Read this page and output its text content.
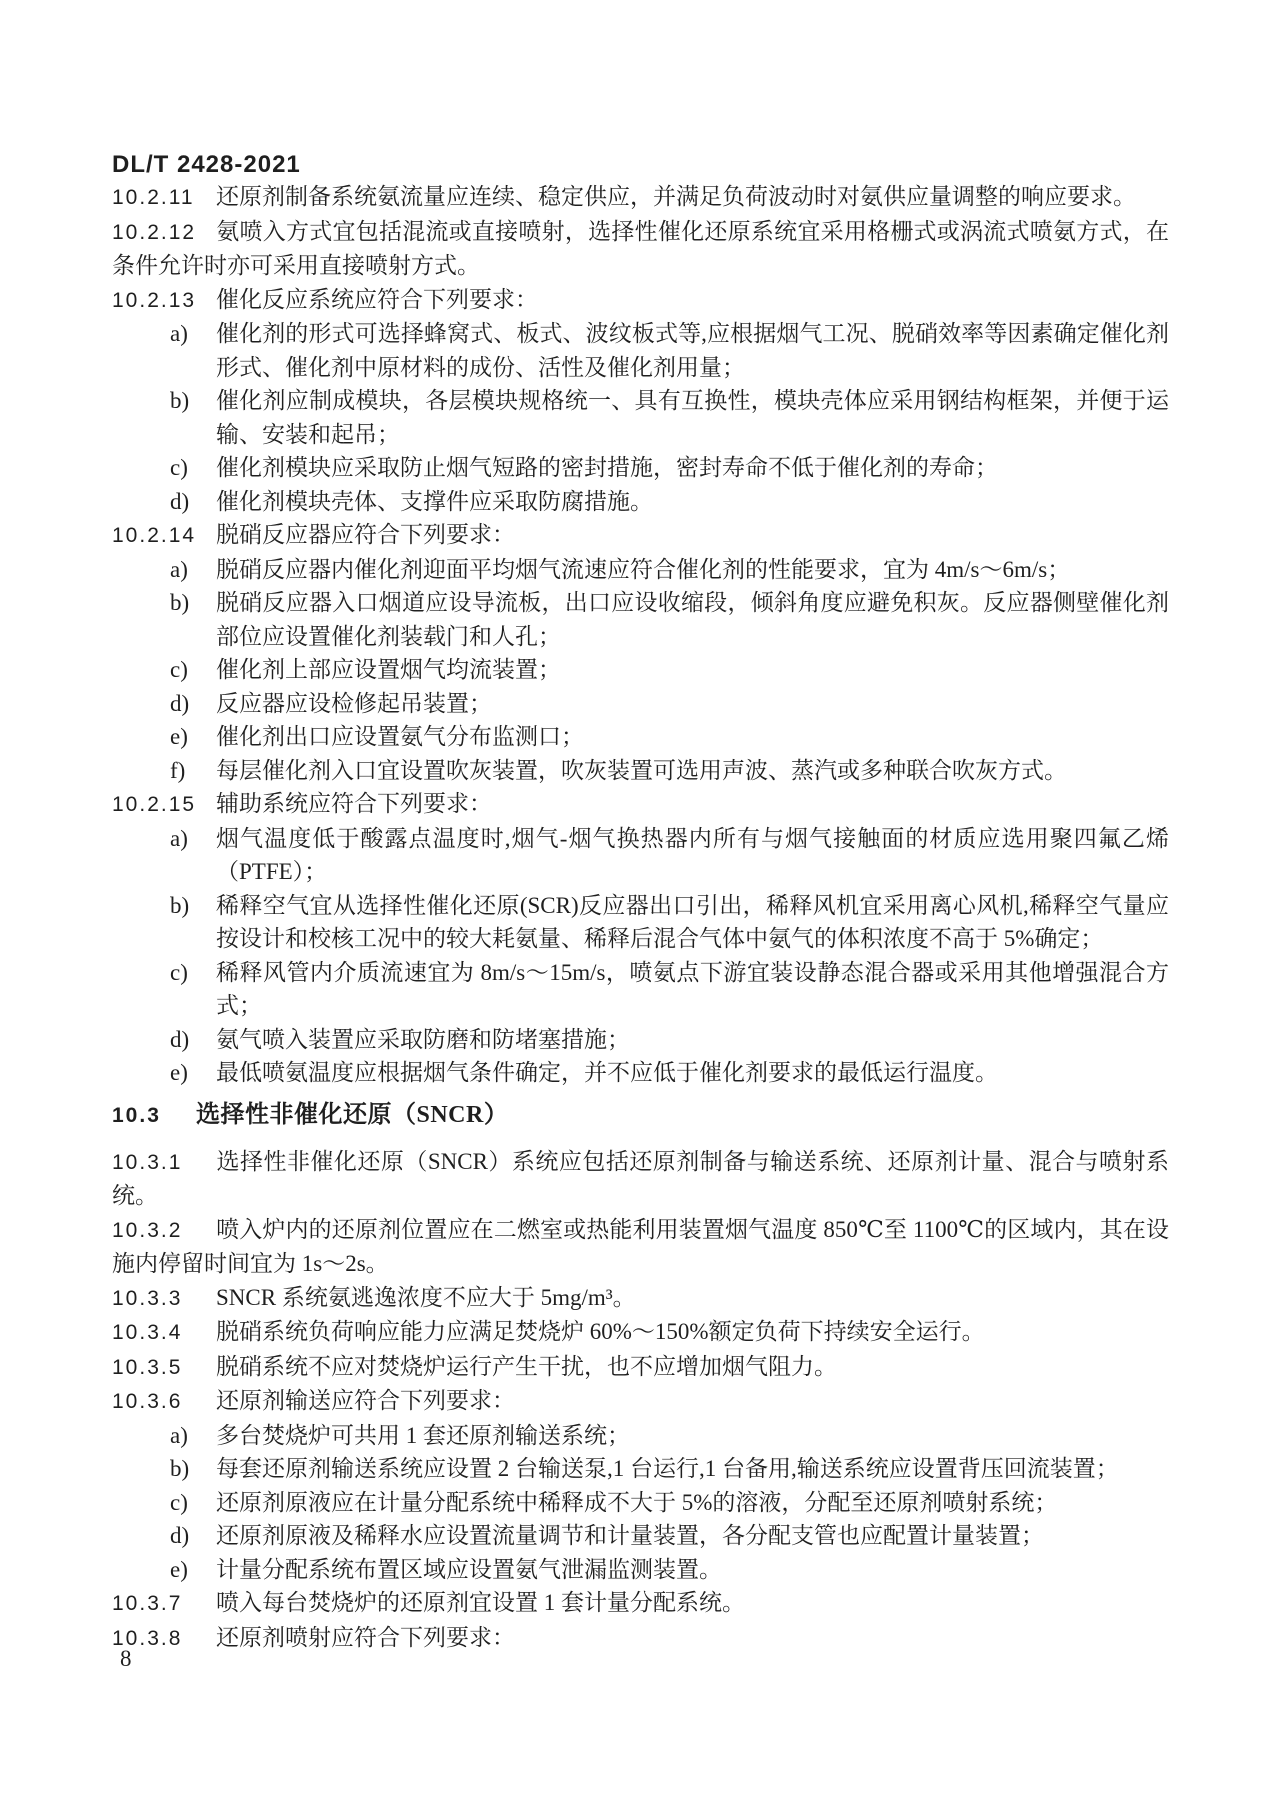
DL/T 2428-2021

10.2.11 还原剂制备系统氨流量应连续、稳定供应，并满足负荷波动时对氨供应量调整的响应要求。

10.2.12 氨喷入方式宜包括混流或直接喷射，选择性催化还原系统宜采用格栅式或涡流式喷氨方式，在条件允许时亦可采用直接喷射方式。

10.2.13 催化反应系统应符合下列要求：

a)	催化剂的形式可选择蜂窝式、板式、波纹板式等,应根据烟气工况、脱硝效率等因素确定催化剂形式、催化剂中原材料的成份、活性及催化剂用量；
b)	催化剂应制成模块，各层模块规格统一、具有互换性，模块壳体应采用钢结构框架，并便于运输、安装和起吊；
c)	催化剂模块应采取防止烟气短路的密封措施，密封寿命不低于催化剂的寿命；
d)	催化剂模块壳体、支撑件应采取防腐措施。

10.2.14 脱硝反应器应符合下列要求：

a)	脱硝反应器内催化剂迎面平均烟气流速应符合催化剂的性能要求，宜为 4m/s～6m/s；
b)	脱硝反应器入口烟道应设导流板，出口应设收缩段，倾斜角度应避免积灰。反应器侧壁催化剂部位应设置催化剂装载门和人孔；
c)	催化剂上部应设置烟气均流装置；
d)	反应器应设检修起吊装置；
e)	催化剂出口应设置氨气分布监测口；
f)	每层催化剂入口宜设置吹灰装置，吹灰装置可选用声波、蒸汽或多种联合吹灰方式。

10.2.15 辅助系统应符合下列要求：

a)	烟气温度低于酸露点温度时,烟气-烟气换热器内所有与烟气接触面的材质应选用聚四氟乙烯（PTFE）；
b)	稀释空气宜从选择性催化还原(SCR)反应器出口引出，稀释风机宜采用离心风机,稀释空气量应按设计和校核工况中的较大耗氨量、稀释后混合气体中氨气的体积浓度不高于 5%确定；
c)	稀释风管内介质流速宜为 8m/s～15m/s，喷氨点下游宜装设静态混合器或采用其他增强混合方式；
d)	氨气喷入装置应采取防磨和防堵塞措施；
e)	最低喷氨温度应根据烟气条件确定，并不应低于催化剂要求的最低运行温度。
10.3 选择性非催化还原（SNCR）

10.3.1 选择性非催化还原（SNCR）系统应包括还原剂制备与输送系统、还原剂计量、混合与喷射系统。

10.3.2 喷入炉内的还原剂位置应在二燃室或热能利用装置烟气温度 850℃至 1100℃的区域内，其在设施内停留时间宜为 1s～2s。

10.3.3 SNCR 系统氨逃逸浓度不应大于 5mg/m³。

10.3.4 脱硝系统负荷响应能力应满足焚烧炉 60%～150%额定负荷下持续安全运行。

10.3.5 脱硝系统不应对焚烧炉运行产生干扰，也不应增加烟气阻力。

10.3.6 还原剂输送应符合下列要求：

a)	多台焚烧炉可共用 1 套还原剂输送系统；
b)	每套还原剂输送系统应设置 2 台输送泵,1 台运行,1 台备用,输送系统应设置背压回流装置；
c)	还原剂原液应在计量分配系统中稀释成不大于 5%的溶液，分配至还原剂喷射系统；
d)	还原剂原液及稀释水应设置流量调节和计量装置，各分配支管也应配置计量装置；
e)	计量分配系统布置区域应设置氨气泄漏监测装置。

10.3.7 喷入每台焚烧炉的还原剂宜设置 1 套计量分配系统。

10.3.8 还原剂喷射应符合下列要求：

8
